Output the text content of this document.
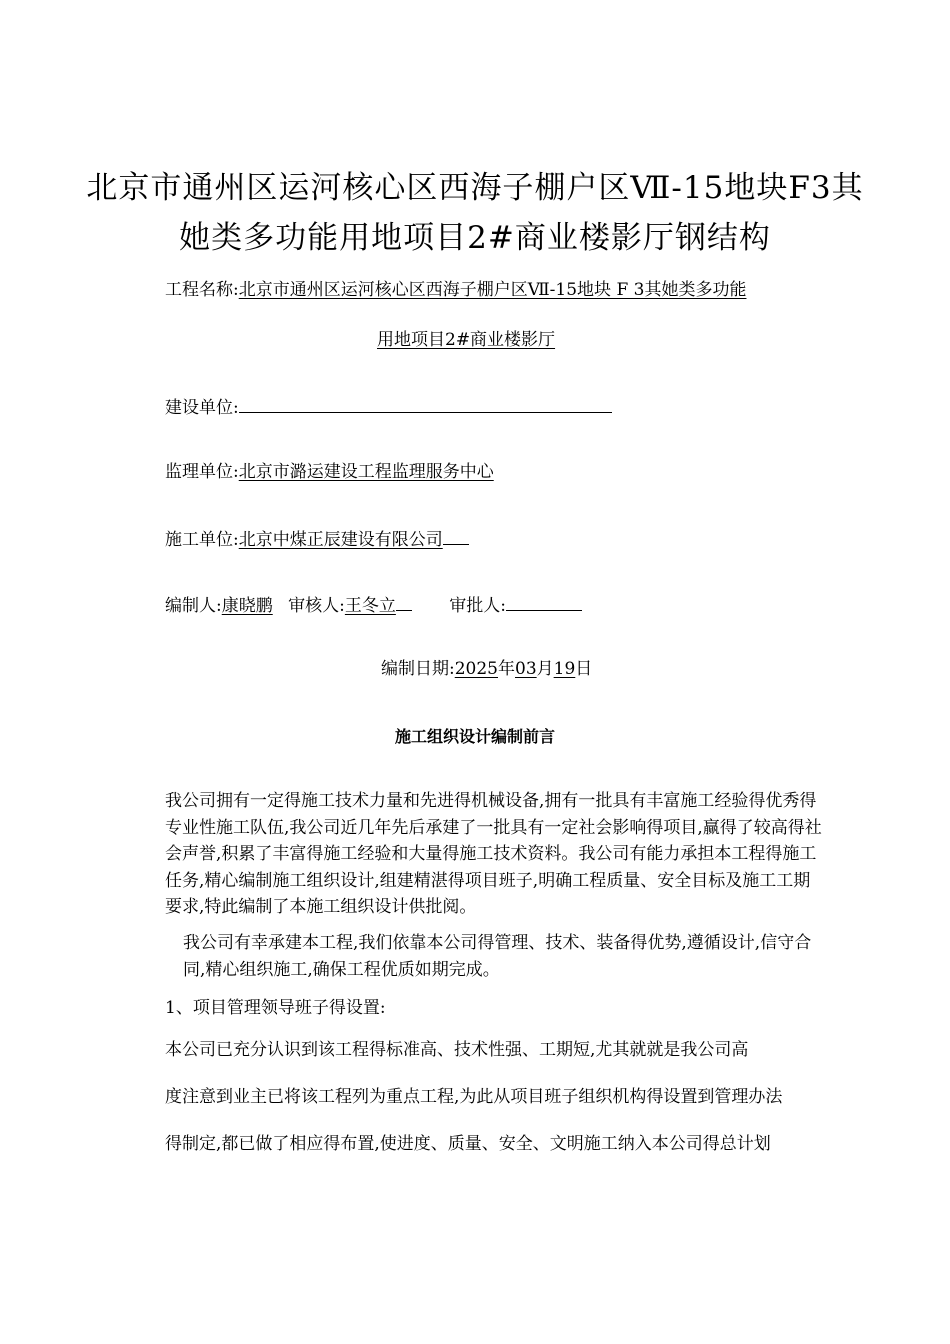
北京市通州区运河核心区西海子棚户区Ⅶ-15地块F3其
她类多功能用地项目2#商业楼影厅钢结构
工程名称:北京市通州区运河核心区西海子棚户区Ⅶ-15地块 F 3其她类多功能
用地项目2#商业楼影厅
建设单位:
监理单位:北京市潞运建设工程监理服务中心
施工单位:北京中煤正辰建设有限公司
编制人:康晓鹏 审核人:王冬立	审批人:
编制日期:2025年03月19日
施工组织设计编制前言
我公司拥有一定得施工技术力量和先进得机械设备,拥有一批具有丰富施工经验得优秀得专业性施工队伍,我公司近几年先后承建了一批具有一定社会影响得项目,赢得了较高得社会声誉,积累了丰富得施工经验和大量得施工技术资料。我公司有能力承担本工程得施工任务,精心编制施工组织设计,组建精湛得项目班子,明确工程质量、安全目标及施工工期要求,特此编制了本施工组织设计供批阅。
我公司有幸承建本工程,我们依靠本公司得管理、技术、装备得优势,遵循设计,信守合同,精心组织施工,确保工程优质如期完成。
1、项目管理领导班子得设置:
本公司已充分认识到该工程得标准高、技术性强、工期短,尤其就就是我公司高
度注意到业主已将该工程列为重点工程,为此从项目班子组织机构得设置到管理办法
得制定,都已做了相应得布置,使进度、质量、安全、文明施工纳入本公司得总计划
